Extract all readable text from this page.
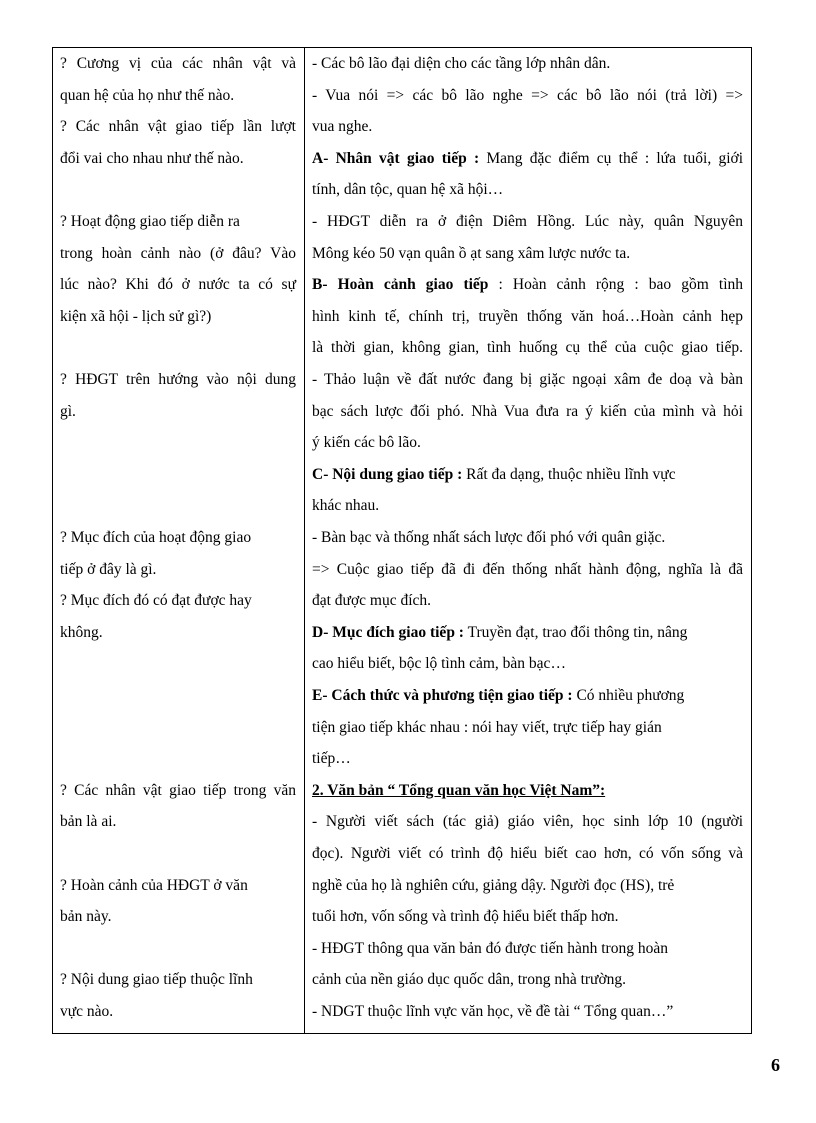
? Cương vị của các nhân vật và
quan hệ của họ như thế nào.
? Các nhân vật giao tiếp lần lượt
đổi vai cho nhau như thế nào.
? Hoạt động giao tiếp diễn ra
trong hoàn cảnh nào (ở đâu? Vào
lúc nào? Khi đó ở nước ta có sự
kiện xã hội - lịch sử gì?)
? HĐGT trên hướng vào nội dung
gì.
? Mục đích của hoạt động giao
tiếp ở đây là gì.
? Mục đích đó có đạt được hay
không.
? Các nhân vật giao tiếp trong văn
bản là ai.
? Hoàn cảnh của HĐGT ở văn
bản này.
? Nội dung giao tiếp thuộc lĩnh
vực nào.
- Các bô lão đại diện cho các tầng lớp nhân dân.
- Vua nói => các bô lão nghe => các bô lão nói (trả lời) =>
vua nghe.
A- Nhân vật giao tiếp : Mang đặc điểm cụ thể : lứa tuổi, giới
tính, dân tộc, quan hệ xã hội…
- HĐGT diễn ra ở điện Diêm Hồng. Lúc này, quân Nguyên
Mông kéo 50 vạn quân ồ ạt sang xâm lược nước ta.
B- Hoàn cảnh giao tiếp : Hoàn cảnh rộng : bao gồm tình
hình kinh tế, chính trị, truyền thống văn hoá…Hoàn cảnh hẹp
là thời gian, không gian, tình huống cụ thể của cuộc giao tiếp.
- Thảo luận về đất nước đang bị giặc ngoại xâm đe doạ và bàn
bạc sách lược đối phó. Nhà Vua đưa ra ý kiến của mình và hỏi
ý kiến các bô lão.
C- Nội dung giao tiếp : Rất đa dạng, thuộc nhiều lĩnh vực
khác nhau.
- Bàn bạc và thống nhất sách lược đối phó với quân giặc.
=> Cuộc giao tiếp đã đi đến thống nhất hành động, nghĩa là đã
đạt được mục đích.
D- Mục đích giao tiếp : Truyền đạt, trao đổi thông tin, nâng
cao hiểu biết, bộc lộ tình cảm, bàn bạc…
E- Cách thức và phương tiện giao tiếp : Có nhiều phương
tiện giao tiếp khác nhau : nói hay viết, trực tiếp hay gián
tiếp…
2. Văn bản “ Tổng quan văn học Việt Nam”:
- Người viết sách (tác giả) giáo viên, học sinh lớp 10 (người
đọc). Người viết có trình độ hiểu biết cao hơn, có vốn sống và
nghề của họ là nghiên cứu, giảng dậy. Người đọc (HS), trẻ
tuổi hơn, vốn sống và trình độ hiểu biết thấp hơn.
- HĐGT thông qua văn bản đó được tiến hành trong hoàn
cảnh của nền giáo dục quốc dân, trong nhà trường.
- NDGT thuộc lĩnh vực văn học, về đề tài “ Tổng quan…”
6
